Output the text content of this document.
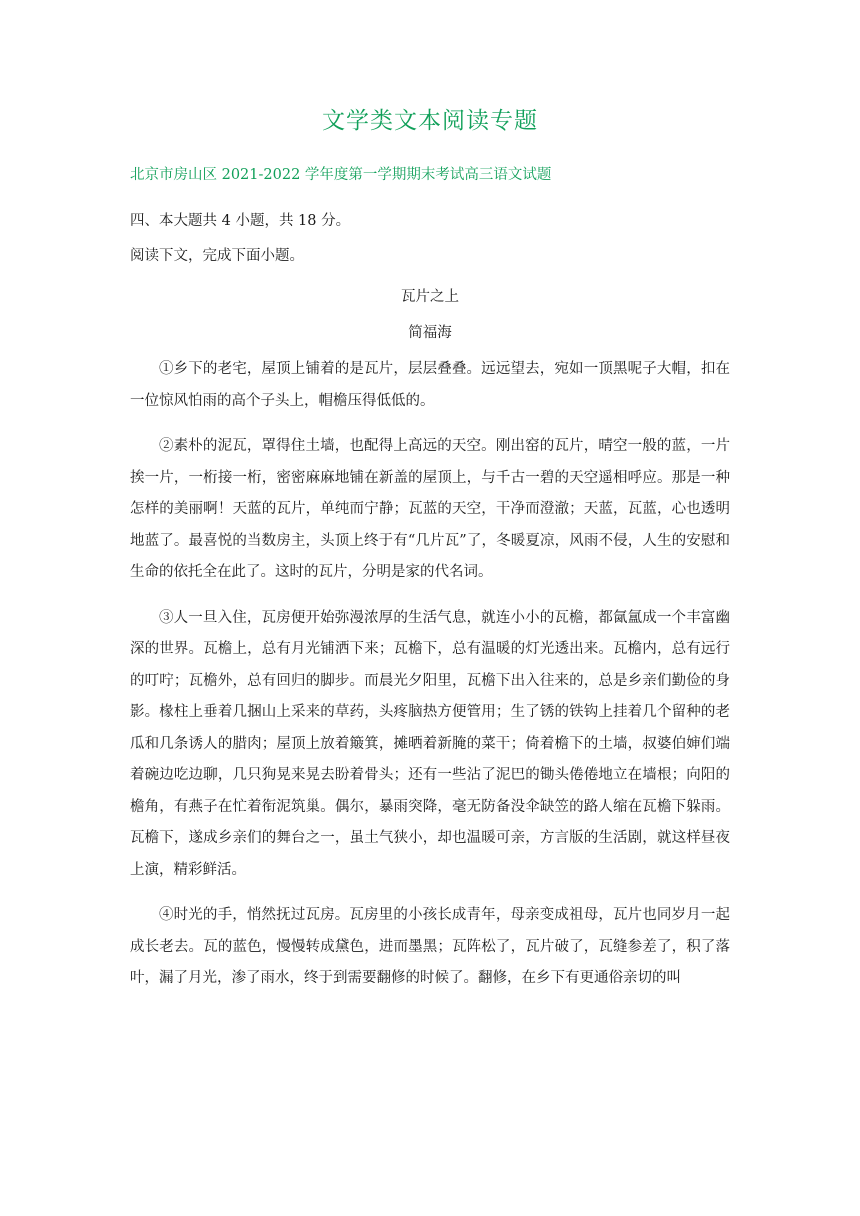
文学类文本阅读专题

北京市房山区 2021-2022 学年度第一学期期末考试高三语文试题

四、本大题共 4 小题，共 18 分。

阅读下文，完成下面小题。

瓦片之上

简福海

①乡下的老宅，屋顶上铺着的是瓦片，层层叠叠。远远望去，宛如一顶黑呢子大帽，扣在一位惊风怕雨的高个子头上，帽檐压得低低的。

②素朴的泥瓦，罩得住土墙，也配得上高远的天空。刚出窑的瓦片，晴空一般的蓝，一片挨一片，一桁接一桁，密密麻麻地铺在新盖的屋顶上，与千古一碧的天空遥相呼应。那是一种怎样的美丽啊！天蓝的瓦片，单纯而宁静；瓦蓝的天空，干净而澄澈；天蓝，瓦蓝，心也透明地蓝了。最喜悦的当数房主，头顶上终于有“几片瓦”了，冬暖夏凉，风雨不侵，人生的安慰和生命的依托全在此了。这时的瓦片，分明是家的代名词。

③人一旦入住，瓦房便开始弥漫浓厚的生活气息，就连小小的瓦檐，都氤氲成一个丰富幽深的世界。瓦檐上，总有月光铺洒下来；瓦檐下，总有温暖的灯光透出来。瓦檐内，总有远行的叮咛；瓦檐外，总有回归的脚步。而晨光夕阳里，瓦檐下出入往来的，总是乡亲们勤俭的身影。椽柱上垂着几捆山上采来的草药，头疼脑热方便管用；生了锈的铁钩上挂着几个留种的老瓜和几条诱人的腊肉；屋顶上放着簸箕，摊晒着新腌的菜干；倚着檐下的土墙，叔婆伯婶们端着碗边吃边聊，几只狗晃来晃去盼着骨头；还有一些沾了泥巴的锄头倦倦地立在墙根；向阳的檐角，有燕子在忙着衔泥筑巢。偶尔，暴雨突降，毫无防备没伞缺笠的路人缩在瓦檐下躲雨。瓦檐下，遂成乡亲们的舞台之一，虽土气狭小，却也温暖可亲，方言版的生活剧，就这样昼夜上演，精彩鲜活。

④时光的手，悄然抚过瓦房。瓦房里的小孩长成青年，母亲变成祖母，瓦片也同岁月一起成长老去。瓦的蓝色，慢慢转成黛色，进而墨黑；瓦阵松了，瓦片破了，瓦缝参差了，积了落叶，漏了月光，渗了雨水，终于到需要翻修的时候了。翻修，在乡下有更通俗亲切的叫
